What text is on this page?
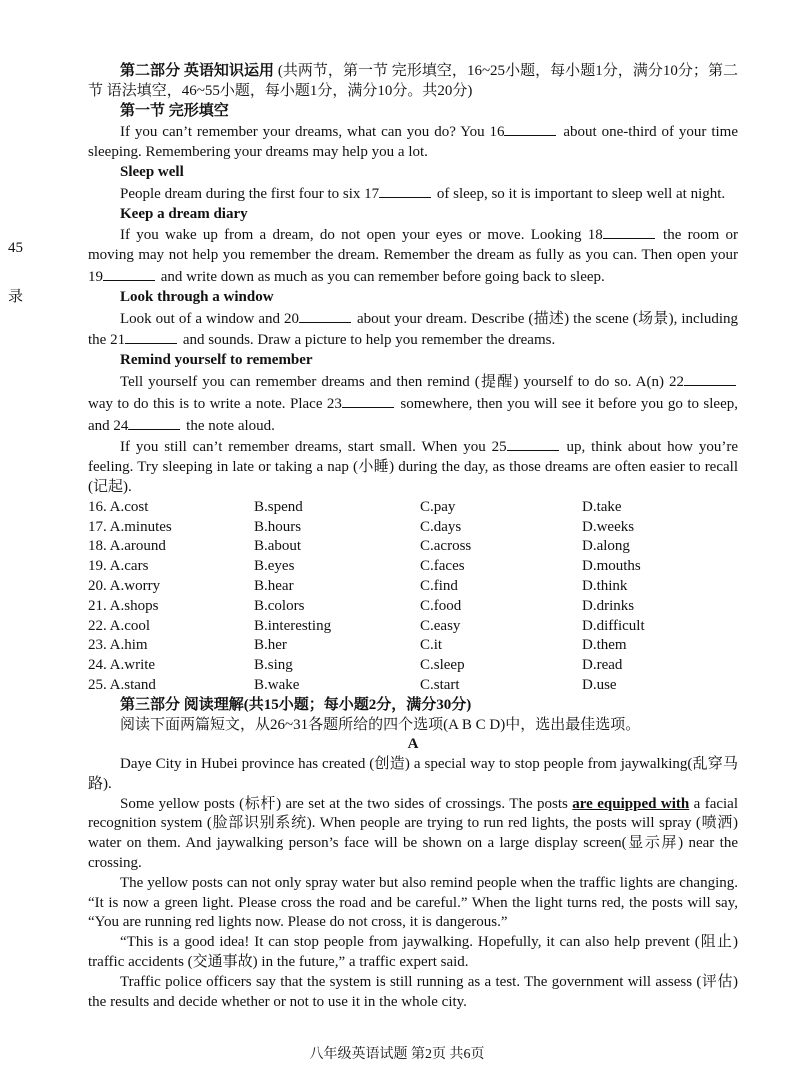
45
录

第二部分 英语知识运用 (共两节，第一节 完形填空，16~25小题，每小题1分，满分10分；第二节 语法填空，46~55小题，每小题1分，满分10分。共20分)

第一节 完形填空

If you can’t remember your dreams, what can you do? You 16	about one-third of your time sleeping. Remembering your dreams may help you a lot.

Sleep well

People dream during the first four to six 17	of sleep, so it is important to sleep well at night.

Keep a dream diary

If you wake up from a dream, do not open your eyes or move. Looking 18	the room or moving may not help you remember the dream. Remember the dream as fully as you can. Then open your 19	and write down as much as you can remember before going back to sleep.

Look through a window

Look out of a window and 20	about your dream. Describe (描述) the scene (场景), including the 21	and sounds. Draw a picture to help you remember the dreams.

Remind yourself to remember

Tell yourself you can remember dreams and then remind (提醒) yourself to do so. A(n) 22 way to do this is to write a note. Place 23	somewhere, then you will see it before you go to sleep, and 24	the note aloud.

If you still can’t remember dreams, start small. When you 25	up, think about how you’re feeling. Try sleeping in late or taking a nap (小睡) during the day, as those dreams are often easier to recall (记起).

16. A.cost	B.spend	C.pay	D.take
17. A.minutes	B.hours	C.days	D.weeks
18. A.around	B.about	C.across	D.along
19. A.cars	B.eyes	C.faces	D.mouths
20. A.worry	B.hear	C.find	D.think
21. A.shops	B.colors	C.food	D.drinks
22. A.cool	B.interesting	C.easy	D.difficult
23. A.him	B.her	C.it	D.them
24. A.write	B.sing	C.sleep	D.read
25. A.stand	B.wake	C.start	D.use

第三部分 阅读理解(共15小题；每小题2分，满分30分)

阅读下面两篇短文，从26~31各题所给的四个选项(A B C D)中，选出最佳选项。

A

Daye City in Hubei province has created (创造) a special way to stop people from jaywalking(乱穿马路).

Some yellow posts (标杆) are set at the two sides of crossings. The posts are equipped with a facial recognition system (脸部识别系统). When people are trying to run red lights, the posts will spray (喷洒) water on them. And jaywalking person’s face will be shown on a large display screen(显示屏) near the crossing.

The yellow posts can not only spray water but also remind people when the traffic lights are changing. “It is now a green light. Please cross the road and be careful.” When the light turns red, the posts will say, “You are running red lights now. Please do not cross, it is dangerous.”

“This is a good idea! It can stop people from jaywalking. Hopefully, it can also help prevent (阻止) traffic accidents (交通事故) in the future,” a traffic expert said.

Traffic police officers say that the system is still running as a test. The government will assess (评估) the results and decide whether or not to use it in the whole city.

八年级英语试题 第2页 共6页
